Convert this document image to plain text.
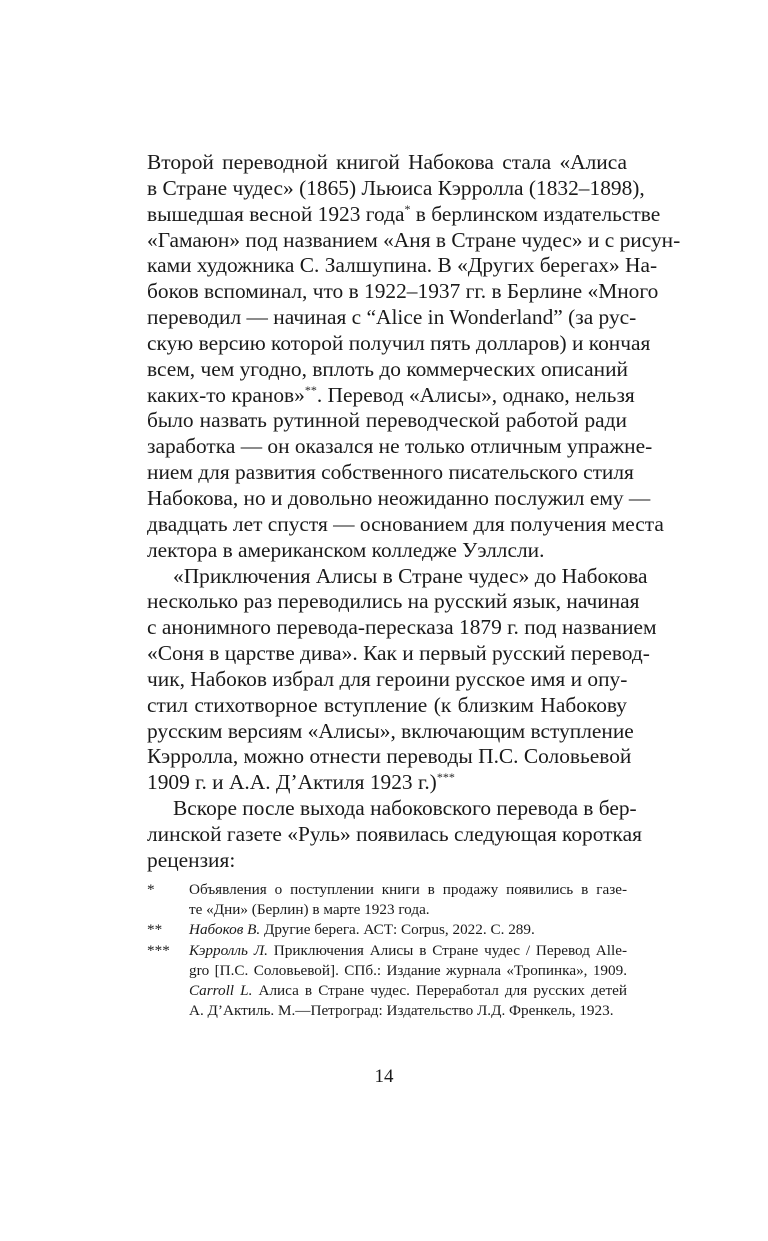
Второй переводной книгой Набокова стала «Алиса
в Стране чудес» (1865) Льюиса Кэрролла (1832–1898),
вышедшая весной 1923 года* в берлинском издательстве
«Гамаюн» под названием «Аня в Стране чудес» и с рисун-
ками художника С. Залшупина. В «Других берегах» На-
боков вспоминал, что в 1922–1937 гг. в Берлине «Много
переводил — начиная с “Alice in Wonderland” (за рус-
скую версию которой получил пять долларов) и кончая
всем, чем угодно, вплоть до коммерческих описаний
каких-то кранов»**. Перевод «Алисы», однако, нельзя
было назвать рутинной переводческой работой ради
заработка — он оказался не только отличным упражне-
нием для развития собственного писательского стиля
Набокова, но и довольно неожиданно послужил ему —
двадцать лет спустя — основанием для получения места
лектора в американском колледже Уэллсли.
«Приключения Алисы в Стране чудес» до Набокова
несколько раз переводились на русский язык, начиная
с анонимного перевода-пересказа 1879 г. под названием
«Соня в царстве дива». Как и первый русский перевод-
чик, Набоков избрал для героини русское имя и опу-
стил стихотворное вступление (к близким Набокову
русским версиям «Алисы», включающим вступление
Кэрролла, можно отнести переводы П.С. Соловьевой
1909 г. и А.А. Д’Актиля 1923 г.)***
Вскоре после выхода набоковского перевода в бер-
линской газете «Руль» появилась следующая короткая
рецензия:
* Объявления о поступлении книги в продажу появились в газе-
те «Дни» (Берлин) в марте 1923 года.
** Набоков В. Другие берега. АСТ: Corpus, 2022. С. 289.
*** Кэрролль Л. Приключения Алисы в Стране чудес / Перевод Alle-
gro [П.С. Соловьевой]. СПб.: Издание журнала «Тропинка», 1909.
Carroll L. Алиса в Стране чудес. Переработал для русских детей
А. Д’Актиль. М.—Петроград: Издательство Л.Д. Френкель, 1923.
14
